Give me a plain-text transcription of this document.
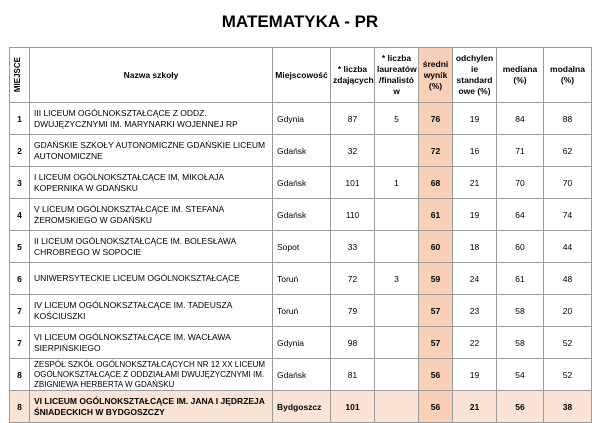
MATEMATYKA - PR
MIEJSCE	Nazwa szkoły	Miejscowość	* liczba zdających	* liczba laureatów /finalistó w	średni wynik (%)	odchylen ie standard owe (%)	mediana (%)	modalna (%)
1	III LICEUM OGÓLNOKSZTAŁCĄCE Z ODDZ. DWUJĘZYCZNYMI IM. MARYNARKI WOJENNEJ RP	Gdynia	87	5	76	19	84	88
2	GDAŃSKIE SZKOŁY AUTONOMICZNE GDAŃSKIE LICEUM AUTONOMICZNE	Gdańsk	32		72	16	71	62
3	I LICEUM OGÓLNOKSZTAŁCĄCE IM. MIKOŁAJA KOPERNIKA W GDAŃSKU	Gdańsk	101	1	68	21	70	70
4	V LICEUM OGÓLNOKSZTAŁCĄCE IM. STEFANA ŻEROMSKIEGO W GDAŃSKU	Gdańsk	110		61	19	64	74
5	II LICEUM OGÓLNOKSZTAŁCĄCE IM. BOLESŁAWA CHROBREGO W SOPOCIE	Sopot	33		60	18	60	44
6	UNIWERSYTECKIE LICEUM OGÓLNOKSZTAŁCĄCE	Toruń	72	3	59	24	61	48
7	IV LICEUM OGÓLNOKSZTAŁCĄCE IM. TADEUSZA KOŚCIUSZKI	Toruń	79		57	23	58	20
7	VI LICEUM OGÓLNOKSZTAŁCĄCE IM. WACŁAWA SIERPIŃSKIEGO	Gdynia	98		57	22	58	52
8	ZESPÓŁ SZKÓŁ OGÓLNOKSZTAŁCĄCYCH NR 12 XX LICEUM OGÓLNOKSZTAŁCĄCE Z ODDZIAŁAMI DWUJĘZYCZNYMI IM. ZBIGNIEWA HERBERTA W GDAŃSKU	Gdańsk	81		56	19	54	52
8	VI LICEUM OGÓLNOKSZTAŁCĄCE IM. JANA I JĘDRZEJA ŚNIADECKICH W BYDGOSZCZY	Bydgoszcz	101		56	21	56	38
